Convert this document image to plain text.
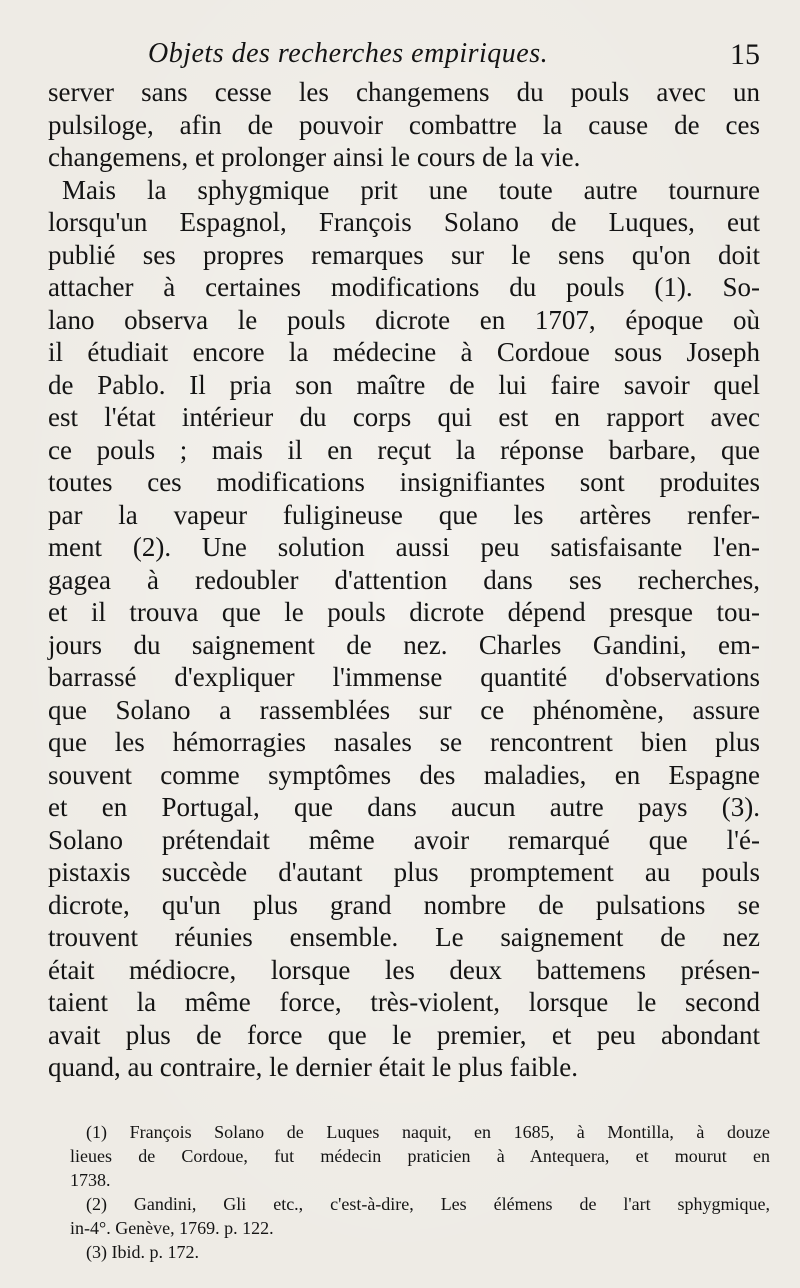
Objets des recherches empiriques.	15
server sans cesse les changemens du pouls avec un
pulsiloge, afin de pouvoir combattre la cause de ces
changemens, et prolonger ainsi le cours de la vie.
Mais la sphygmique prit une toute autre tournure
lorsqu'un Espagnol, François Solano de Luques, eut
publié ses propres remarques sur le sens qu'on doit
attacher à certaines modifications du pouls (1). So-
lano observa le pouls dicrote en 1707, époque où
il étudiait encore la médecine à Cordoue sous Joseph
de Pablo. Il pria son maître de lui faire savoir quel
est l'état intérieur du corps qui est en rapport avec
ce pouls ; mais il en reçut la réponse barbare, que
toutes ces modifications insignifiantes sont produites
par la vapeur fuligineuse que les artères renfer-
ment (2). Une solution aussi peu satisfaisante l'en-
gagea à redoubler d'attention dans ses recherches,
et il trouva que le pouls dicrote dépend presque tou-
jours du saignement de nez. Charles Gandini, em-
barrassé d'expliquer l'immense quantité d'observations
que Solano a rassemblées sur ce phénomène, assure
que les hémorragies nasales se rencontrent bien plus
souvent comme symptômes des maladies, en Espagne
et en Portugal, que dans aucun autre pays (3).
Solano prétendait même avoir remarqué que l'é-
pistaxis succède d'autant plus promptement au pouls
dicrote, qu'un plus grand nombre de pulsations se
trouvent réunies ensemble. Le saignement de nez
était médiocre, lorsque les deux battemens présen-
taient la même force, très-violent, lorsque le second
avait plus de force que le premier, et peu abondant
quand, au contraire, le dernier était le plus faible.
(1) François Solano de Luques naquit, en 1685, à Montilla, à douze
lieues de Cordoue, fut médecin praticien à Antequera, et mourut en
1738.
(2) Gandini, Gli etc., c'est-à-dire, Les élémens de l'art sphygmique,
in-4°. Genève, 1769. p. 122.
(3) Ibid. p. 172.
